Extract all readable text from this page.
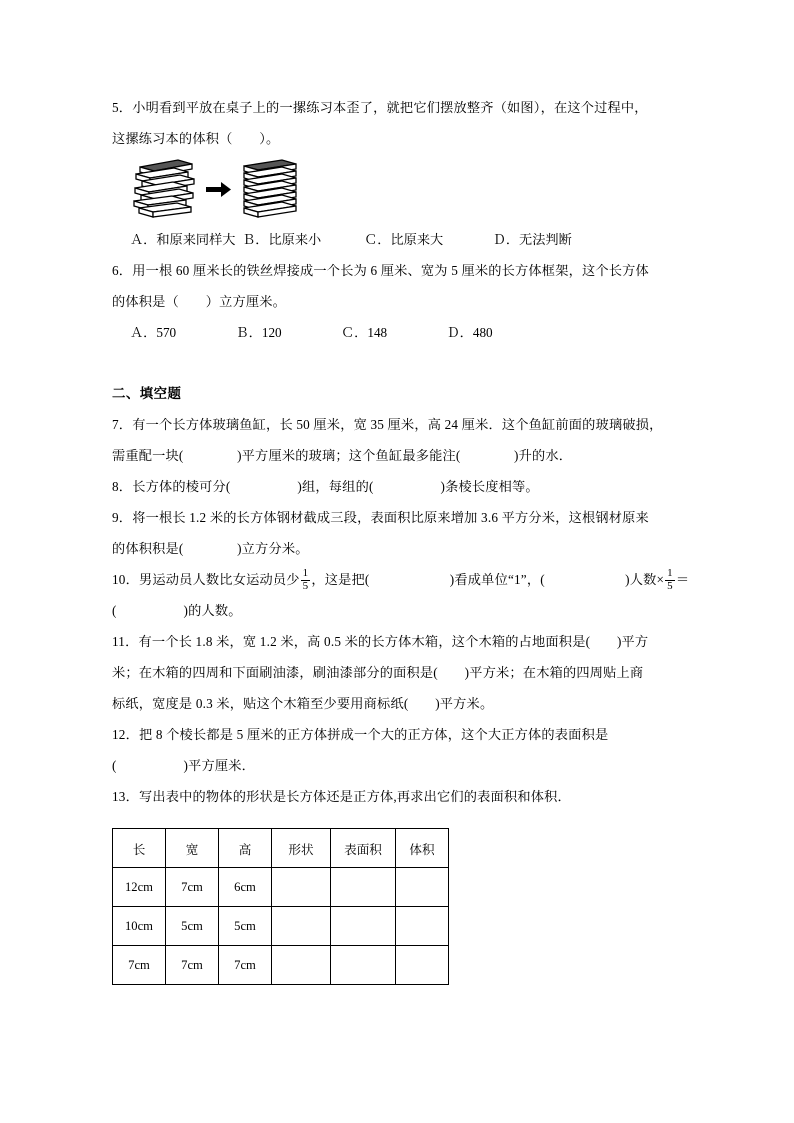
5．小明看到平放在桌子上的一摞练习本歪了，就把它们摆放整齐（如图），在这个过程中，

这摞练习本的体积（　　）。

Ａ．和原来同样大  Ｂ．比原来小             Ｃ．比原来大               Ｄ．无法判断

6．用一根 60 厘米长的铁丝焊接成一个长为 6 厘米、宽为 5 厘米的长方体框架，这个长方体

的体积是（　　）立方厘米。

Ａ．570                  Ｂ．120                  Ｃ．148                  Ｄ．480

二、填空题

7．有一个长方体玻璃鱼缸，长 50 厘米，宽 35 厘米，高 24 厘米．这个鱼缸前面的玻璃破损，

需重配一块(　　　　)平方厘米的玻璃；这个鱼缸最多能注(　　　　)升的水．

8．长方体的棱可分(　　　　　)组，每组的(　　　　　)条棱长度相等。

9．将一根长 1.2 米的长方体钢材截成三段，表面积比原来增加 3.6 平方分米，这根钢材原来

的体积积是(　　　　)立方分米。

10．男运动员人数比女运动员少 $\frac{1}{5}$ ，这是把(　　　　　　)看成单位“1”，(　　　　　　)人数× $\frac{1}{5}$ ＝

(　　　　　)的人数。

11．有一个长 1.8 米，宽 1.2 米，高 0.5 米的长方体木箱，这个木箱的占地面积是(　　)平方

米；在木箱的四周和下面刷油漆，刷油漆部分的面积是(　　)平方米；在木箱的四周贴上商

标纸，宽度是 0.3 米，贴这个木箱至少要用商标纸(　　)平方米。

12．把 8 个棱长都是 5 厘米的正方体拼成一个大的正方体，这个大正方体的表面积是

(　　　　　)平方厘米．

13．写出表中的物体的形状是长方体还是正方体,再求出它们的表面积和体积．

长	宽	高	形状	表面积	体积
12cm	7cm	6cm			
10cm	5cm	5cm			
7cm	7cm	7cm			
